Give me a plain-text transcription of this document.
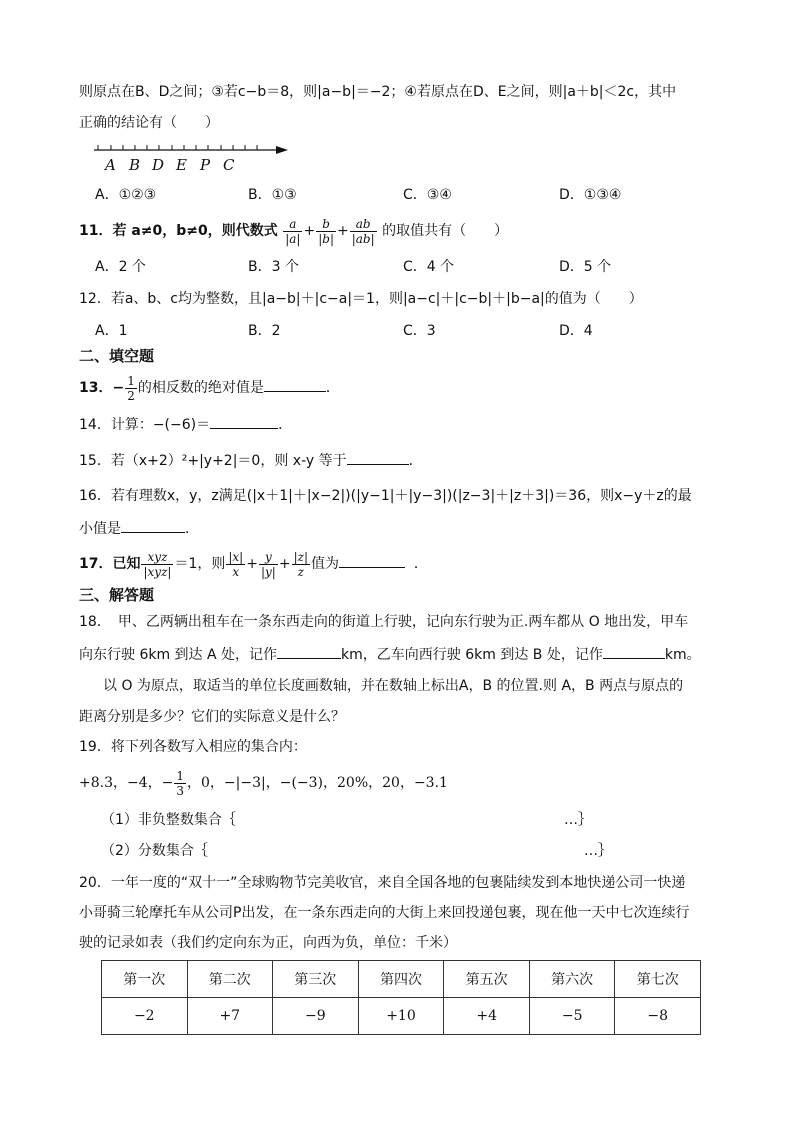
则原点在B、D之间；③若c−b＝8，则|a−b|＝−2；④若原点在D、E之间，则|a＋b|＜2c，其中
正确的结论有（　　）
A B D E P C
A．①②③	B．①③	C．③④	D．①③④
11．若 a≠0，b≠0，则代数式 $\frac{a}{|a|} + \frac{b}{|b|} + \frac{ab}{|ab|}$ 的取值共有（　　）
A．2 个	B．3 个	C．4 个	D．5 个
12．若a、b、c均为整数，且|a−b|＋|c−a|＝1，则|a−c|＋|c−b|＋|b−a|的值为（　　）
A．1	B．2	C．3	D．4
二、填空题
13．− $\frac{1}{2}$ 的相反数的绝对值是	．
14．计算：−(−6)＝	．
15．若（x+2）²+|y+2|＝0，则 x-y 等于	．
16．若有理数x，y，z满足(|x＋1|＋|x−2|)(|y−1|＋|y−3|)(|z−3|＋|z＋3|)＝36，则x−y＋z的最
小值是	．
17．已知 $\frac{\text{xyz}}{\text{|xyz|}} =1$，则 $\frac{|x|}{x} + \frac{y}{|y|} + \frac{|z|}{z}$ 值为	．
三、解答题
18．　甲、乙两辆出租车在一条东西走向的街道上行驶，记向东行驶为正.两车都从 O 地出发，甲车
向东行驶 6km 到达 A 处，记作	km，乙车向西行驶 6km 到达 B 处，记作	km。
以 O 为原点，取适当的单位长度画数轴，并在数轴上标出A，B 的位置.则 A，B 两点与原点的
距离分别是多少？它们的实际意义是什么？
19．将下列各数写入相应的集合内：
+8.3，−4，− $\frac{1}{3}$ ，0，−|−3|，−(−3)，20%，20，−3.1
（1）非负整数集合｛	…｝
（2）分数集合｛	…｝
20．一年一度的“双十一”全球购物节完美收官，来自全国各地的包裹陆续发到本地快递公司一快递
小哥骑三轮摩托车从公司P出发，在一条东西走向的大街上来回投递包裹，现在他一天中七次连续行
驶的记录如表（我们约定向东为正，向西为负，单位：千米）
第一次	第二次	第三次	第四次	第五次	第六次	第七次
−2	+7	−9	+10	+4	−5	−8
